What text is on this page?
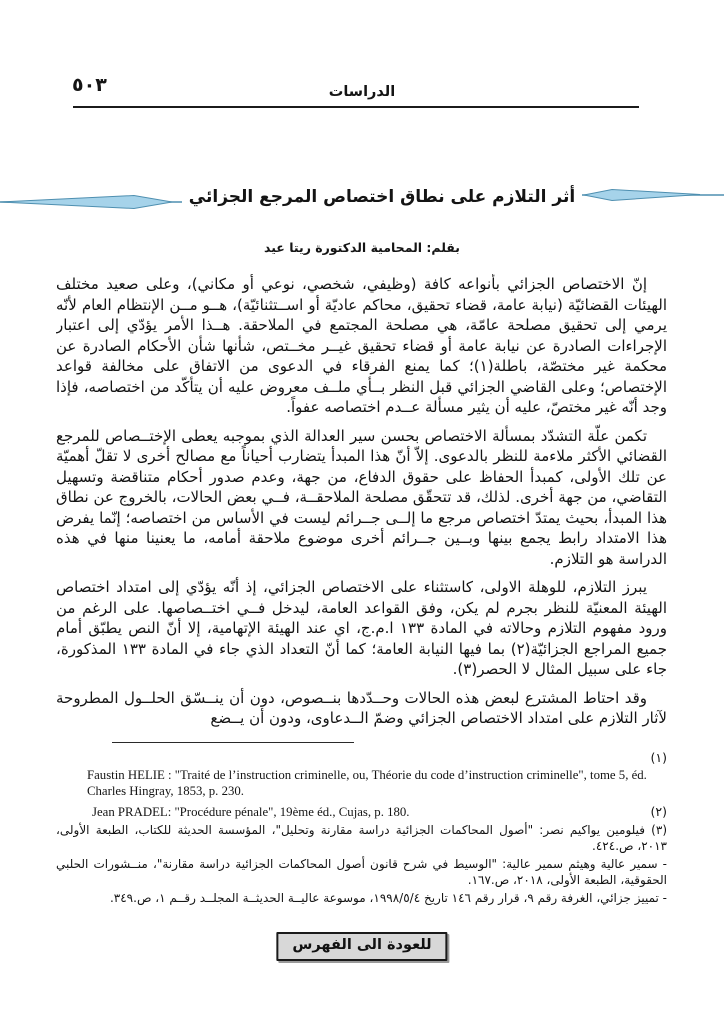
٥٠٣	الدراسات
أثر التلازم على نطاق اختصاص المرجع الجزائي
بقلم: المحامية الدكتورة ريتا عيد

إنّ الاختصاص الجزائي بأنواعه كافة (وظيفي، شخصي، نوعي أو مكاني)، وعلى صعيد مختلف الهيئات القضائيّة (نيابة عامة، قضاء تحقيق، محاكم عاديّة أو اســتثنائيّة)، هــو مــن الإنتظام العام لأنّه يرمي إلى تحقيق مصلحة عامّة، هي مصلحة المجتمع في الملاحقة. هــذا الأمر يؤدّي إلى اعتبار الإجراءات الصادرة عن نيابة عامة أو قضاء تحقيق غيــر مخــتص، شأنها شأن الأحكام الصادرة عن محكمة غير مختصّة، باطلة(١)؛ كما يمنع الفرقاء في الدعوى من الاتفاق على مخالفة قواعد الإختصاص؛ وعلى القاضي الجزائي قبل النظر بــأي ملــف معروض عليه أن يتأكّد من اختصاصه، فإذا وجد أنّه غير مختصّ، عليه أن يثير مسألة عــدم اختصاصه عفواً.

تكمن علّة التشدّد بمسألة الاختصاص بحسن سير العدالة الذي بموجبه يعطى الإختــصاص للمرجع القضائي الأكثر ملاءمة للنظر بالدعوى. إلاّ أنّ هذا المبدأ يتضارب أحياناً مع مصالح أخرى لا تقلّ أهميّة عن تلك الأولى، كمبدأ الحفاظ على حقوق الدفاع، من جهة، وعدم صدور أحكام متناقضة وتسهيل التقاضي، من جهة أخرى. لذلك، قد تتحقّق مصلحة الملاحقــة، فــي بعض الحالات، بالخروج عن نطاق هذا المبدأ، بحيث يمتدّ اختصاص مرجع ما إلــى جــرائم ليست في الأساس من اختصاصه؛ إنّما يفرض هذا الامتداد رابط يجمع بينها وبــين جــرائم أخرى موضوع ملاحقة أمامه، ما يعنينا منها في هذه الدراسة هو التلازم.

يبرز التلازم، للوهلة الاولى، كاستثناء على الاختصاص الجزائي، إذ أنّه يؤدّي إلى امتداد اختصاص الهيئة المعنيّة للنظر بجرم لم يكن، وفق القواعد العامة، ليدخل فــي اختــصاصها. على الرغم من ورود مفهوم التلازم وحالاته في المادة ١٣٣ ا.م.ج، اي عند الهيئة الإتهامية، إلا أنّ النص يطبّق أمام جميع المراجع الجزائيّة(٢) بما فيها النيابة العامة؛ كما أنّ التعداد الذي جاء في المادة ١٣٣ المذكورة، جاء على سبيل المثال لا الحصر(٣).

وقد احتاط المشترع لبعض هذه الحالات وحــدّدها بنــصوص، دون أن ينــسّق الحلــول المطروحة لآثار التلازم على امتداد الاختصاص الجزائي وضمّ الــدعاوى، ودون أن يــضع

(١)
Faustin HELIE : "Traité de l’instruction criminelle, ou, Théorie du code d’instruction criminelle", tome 5, éd. Charles Hingray, 1853, p. 230.
Jean PRADEL: "Procédure pénale", 19ème éd., Cujas, p. 180.	(٢)

(٣) فيلومين يواكيم نصر: "أصول المحاكمات الجزائية دراسة مقارنة وتحليل"، المؤسسة الحديثة للكتاب، الطبعة الأولى، ٢٠١٣، ص.٤٢٤.

- سمير عالية وهيثم سمير عالية: "الوسيط في شرح قانون أصول المحاكمات الجزائية دراسة مقارنة"، منــشورات الحلبي الحقوقية، الطبعة الأولى، ٢٠١٨، ص.١٦٧.

- تمييز جزائي، الغرفة رقم ٩، قرار رقم ١٤٦ تاريخ ١٩٩٨/٥/٤، موسوعة عاليــة الحديثــة المجلــد رقــم ١، ص.٣٤٩.

للعودة الى الفهرس
